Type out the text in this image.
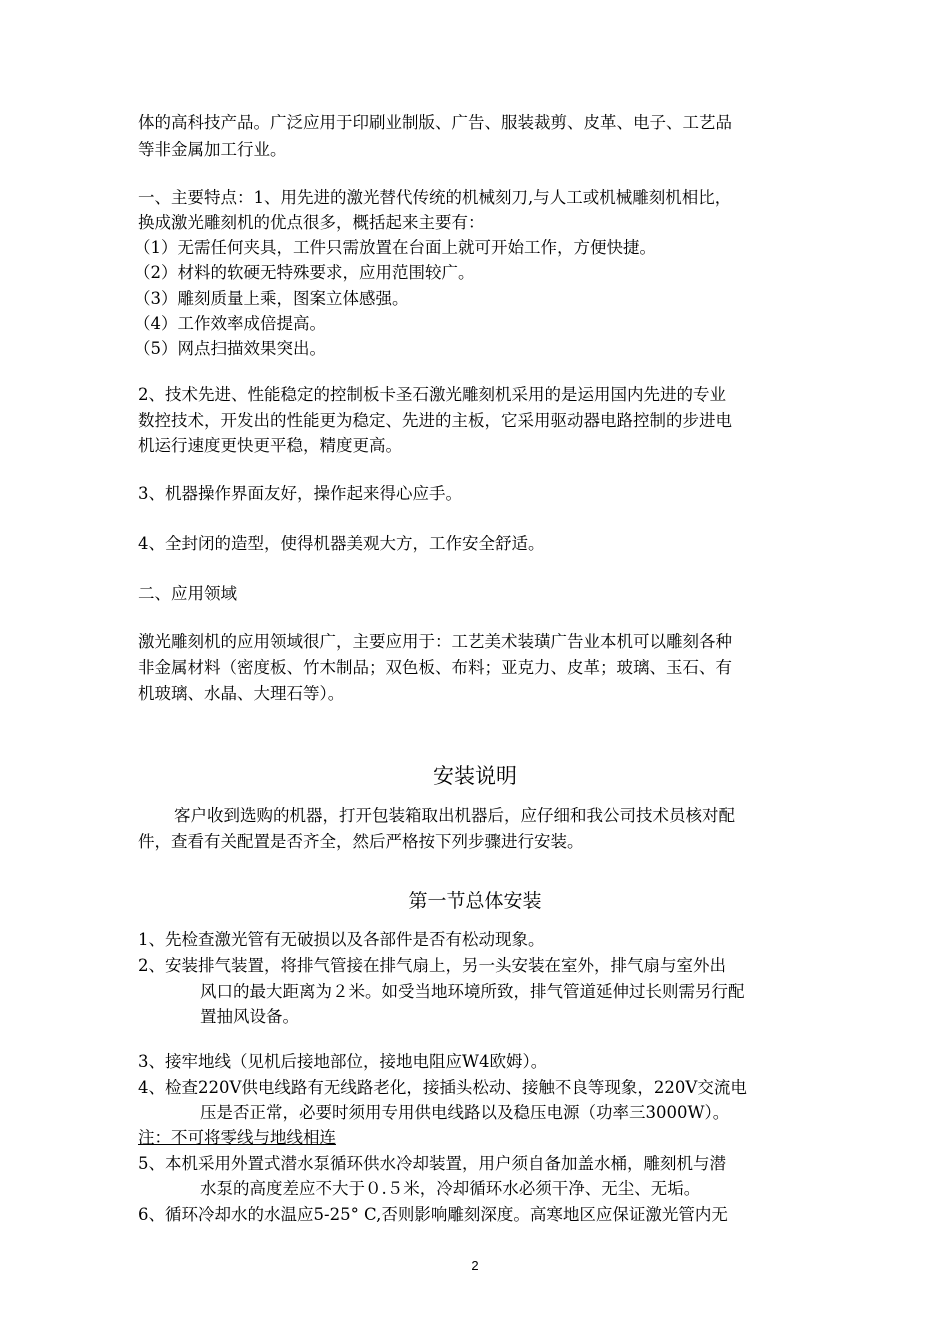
体的高科技产品。广泛应用于印刷业制版、广告、服装裁剪、皮革、电子、工艺品
等非金属加工行业。
一、主要特点：1、用先进的激光替代传统的机械刻刀,与人工或机械雕刻机相比，
换成激光雕刻机的优点很多，概括起来主要有：
（1）无需任何夹具，工件只需放置在台面上就可开始工作，方便快捷。
（2）材料的软硬无特殊要求，应用范围较广。
（3）雕刻质量上乘，图案立体感强。
（4）工作效率成倍提高。
（5）网点扫描效果突出。
2、技术先进、性能稳定的控制板卡圣石激光雕刻机采用的是运用国内先进的专业
数控技术，开发出的性能更为稳定、先进的主板，它采用驱动器电路控制的步进电
机运行速度更快更平稳，精度更高。
3、机器操作界面友好，操作起来得心应手。
4、全封闭的造型，使得机器美观大方，工作安全舒适。
二、应用领域
激光雕刻机的应用领域很广，主要应用于：工艺美术装璜广告业本机可以雕刻各种
非金属材料（密度板、竹木制品；双色板、布料；亚克力、皮革；玻璃、玉石、有
机玻璃、水晶、大理石等）。
安装说明
客户收到选购的机器，打开包装箱取出机器后，应仔细和我公司技术员核对配
件，查看有关配置是否齐全，然后严格按下列步骤进行安装。
第一节总体安装
1、先检查激光管有无破损以及各部件是否有松动现象。
2、安装排气装置，将排气管接在排气扇上，另一头安装在室外，排气扇与室外出
风口的最大距离为２米。如受当地环境所致，排气管道延伸过长则需另行配
置抽风设备。
3、接牢地线（见机后接地部位，接地电阻应W4欧姆）。
4、检查220V供电线路有无线路老化，接插头松动、接触不良等现象，220V交流电
压是否正常，必要时须用专用供电线路以及稳压电源（功率三3000W）。
注：不可将零线与地线相连
5、本机采用外置式潜水泵循环供水冷却装置，用户须自备加盖水桶，雕刻机与潜
水泵的高度差应不大于０.５米，冷却循环水必须干净、无尘、无垢。
6、循环冷却水的水温应5-25° C,否则影响雕刻深度。高寒地区应保证激光管内无
2
